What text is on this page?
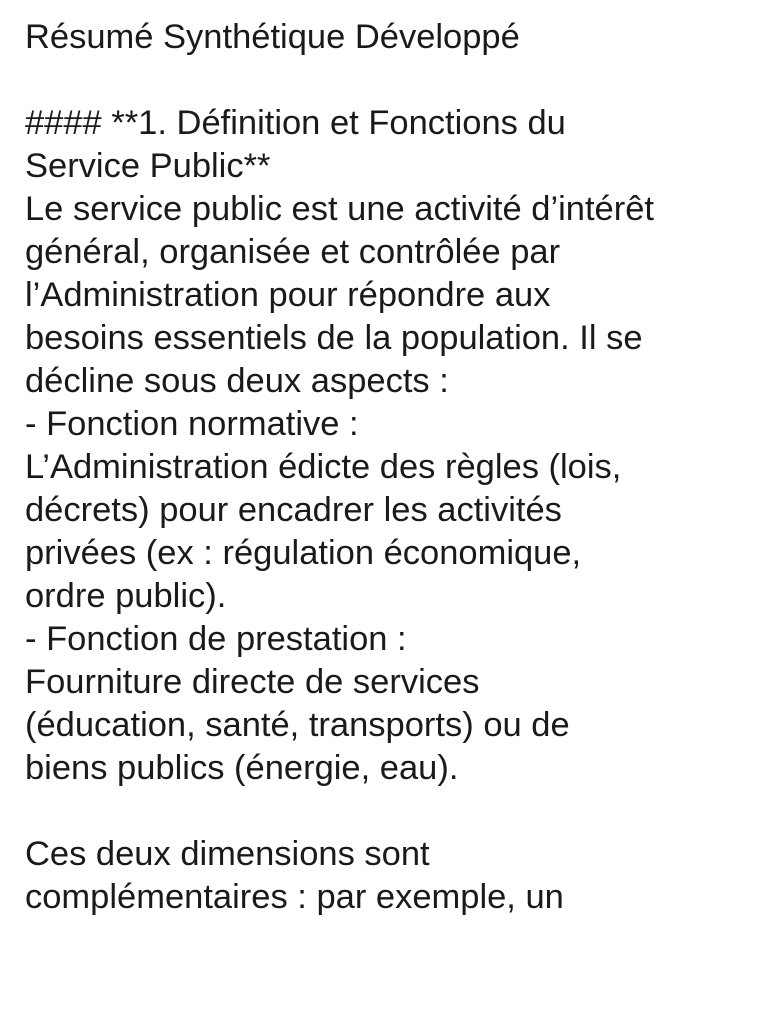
Résumé Synthétique Développé
#### **1. Définition et Fonctions du
Service Public**
Le service public est une activité d’intérêt
général, organisée et contrôlée par
l’Administration pour répondre aux
besoins essentiels de la population. Il se
décline sous deux aspects :
- Fonction normative :
L’Administration édicte des règles (lois,
décrets) pour encadrer les activités
privées (ex : régulation économique,
ordre public).
- Fonction de prestation :
Fourniture directe de services
(éducation, santé, transports) ou de
biens publics (énergie, eau).
Ces deux dimensions sont
complémentaires : par exemple, un
